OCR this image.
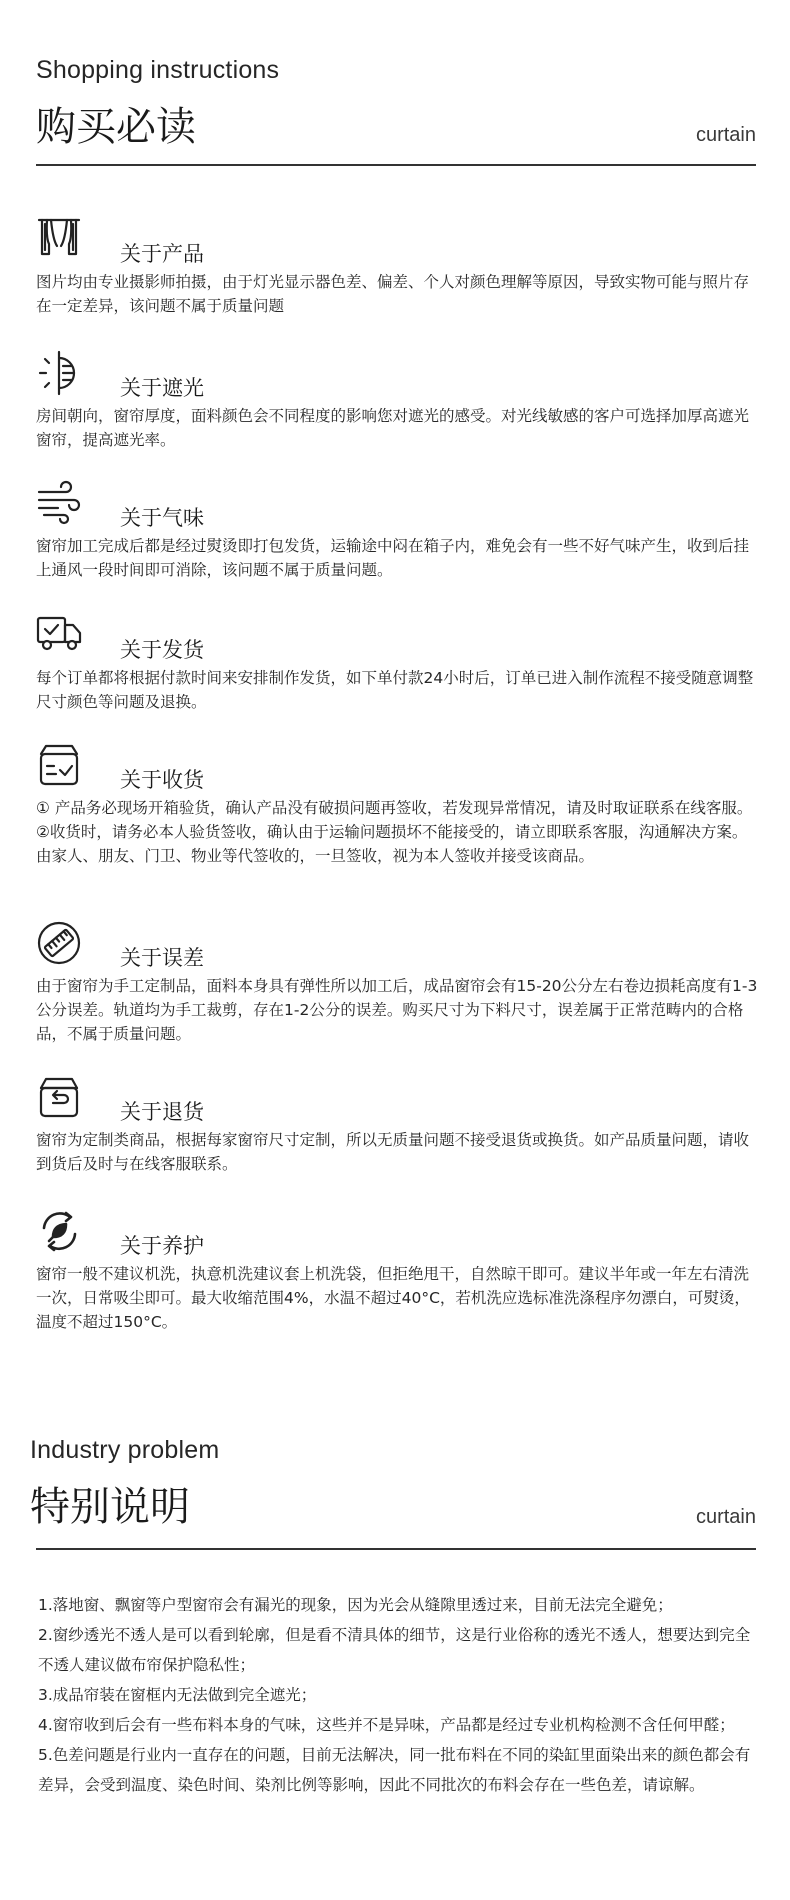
Shopping instructions
购买必读	curtain
关于产品

图片均由专业摄影师拍摄，由于灯光显示器色差、偏差、个人对颜色理解等原因，导致实物可能与照片存在一定差异，该问题不属于质量问题

关于遮光

房间朝向，窗帘厚度，面料颜色会不同程度的影响您对遮光的感受。对光线敏感的客户可选择加厚高遮光窗帘，提高遮光率。

关于气味

窗帘加工完成后都是经过熨烫即打包发货，运输途中闷在箱子内，难免会有一些不好气味产生，收到后挂上通风一段时间即可消除，该问题不属于质量问题。

关于发货

每个订单都将根据付款时间来安排制作发货，如下单付款24小时后，订单已进入制作流程不接受随意调整尺寸颜色等问题及退换。

关于收货

① 产品务必现场开箱验货，确认产品没有破损问题再签收，若发现异常情况，请及时取证联系在线客服。

②收货时，请务必本人验货签收，确认由于运输问题损坏不能接受的，请立即联系客服，沟通解决方案。由家人、朋友、门卫、物业等代签收的，一旦签收，视为本人签收并接受该商品。

关于误差

由于窗帘为手工定制品，面料本身具有弹性所以加工后，成品窗帘会有15-20公分左右卷边损耗高度有1-3公分误差。轨道均为手工裁剪，存在1-2公分的误差。购买尺寸为下料尺寸，误差属于正常范畴内的合格品，不属于质量问题。

关于退货

窗帘为定制类商品，根据每家窗帘尺寸定制，所以无质量问题不接受退货或换货。如产品质量问题，请收到货后及时与在线客服联系。

关于养护

窗帘一般不建议机洗，执意机洗建议套上机洗袋，但拒绝甩干，自然晾干即可。建议半年或一年左右清洗一次，日常吸尘即可。最大收缩范围4%，水温不超过40°C，若机洗应选标准洗涤程序勿漂白，可熨烫，温度不超过150°C。

Industry problem
特别说明	curtain

1.落地窗、飘窗等户型窗帘会有漏光的现象，因为光会从缝隙里透过来，目前无法完全避免；

2.窗纱透光不透人是可以看到轮廓，但是看不清具体的细节，这是行业俗称的透光不透人，想要达到完全不透人建议做布帘保护隐私性；

3.成品帘装在窗框内无法做到完全遮光；

4.窗帘收到后会有一些布料本身的气味，这些并不是异味，产品都是经过专业机构检测不含任何甲醛；

5.色差问题是行业内一直存在的问题，目前无法解决，同一批布料在不同的染缸里面染出来的颜色都会有差异，会受到温度、染色时间、染剂比例等影响，因此不同批次的布料会存在一些色差，请谅解。
